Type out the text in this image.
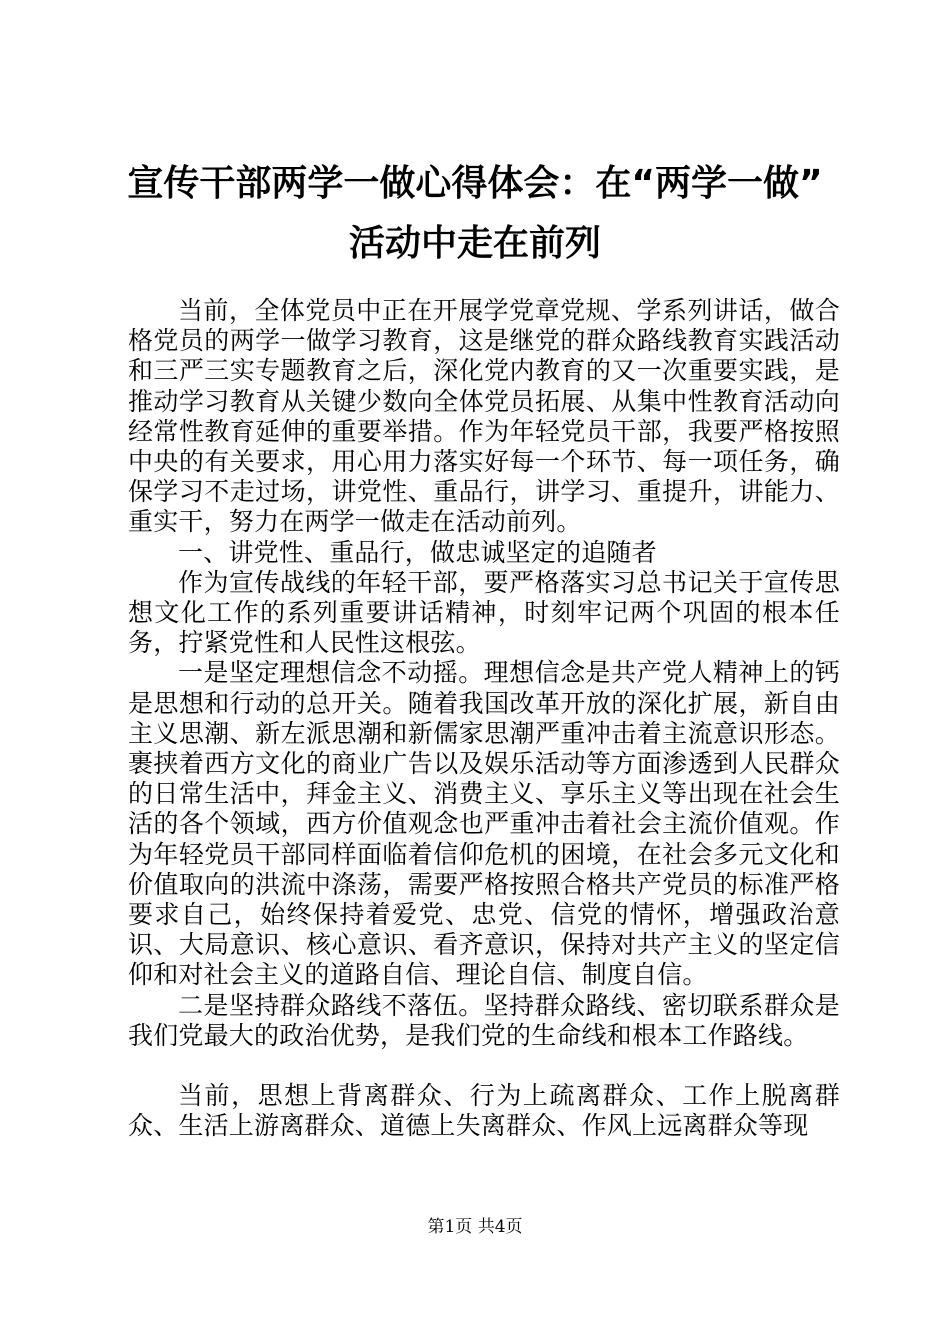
宣传干部两学一做心得体会：在“两学一做”
活动中走在前列

当前，全体党员中正在开展学党章党规、学系列讲话，做合格党员的两学一做学习教育，这是继党的群众路线教育实践活动和三严三实专题教育之后，深化党内教育的又一次重要实践，是推动学习教育从关键少数向全体党员拓展、从集中性教育活动向经常性教育延伸的重要举措。作为年轻党员干部，我要严格按照中央的有关要求，用心用力落实好每一个环节、每一项任务，确保学习不走过场，讲党性、重品行，讲学习、重提升，讲能力、重实干，努力在两学一做走在活动前列。

一、讲党性、重品行，做忠诚坚定的追随者

作为宣传战线的年轻干部，要严格落实习总书记关于宣传思想文化工作的系列重要讲话精神，时刻牢记两个巩固的根本任务，拧紧党性和人民性这根弦。

一是坚定理想信念不动摇。理想信念是共产党人精神上的钙是思想和行动的总开关。随着我国改革开放的深化扩展，新自由主义思潮、新左派思潮和新儒家思潮严重冲击着主流意识形态。裹挟着西方文化的商业广告以及娱乐活动等方面渗透到人民群众的日常生活中，拜金主义、消费主义、享乐主义等出现在社会生活的各个领域，西方价值观念也严重冲击着社会主流价值观。作为年轻党员干部同样面临着信仰危机的困境，在社会多元文化和价值取向的洪流中涤荡，需要严格按照合格共产党员的标准严格要求自己，始终保持着爱党、忠党、信党的情怀，增强政治意识、大局意识、核心意识、看齐意识，保持对共产主义的坚定信仰和对社会主义的道路自信、理论自信、制度自信。

二是坚持群众路线不落伍。坚持群众路线、密切联系群众是我们党最大的政治优势，是我们党的生命线和根本工作路线。

当前，思想上背离群众、行为上疏离群众、工作上脱离群众、生活上游离群众、道德上失离群众、作风上远离群众等现

第1页 共4页
